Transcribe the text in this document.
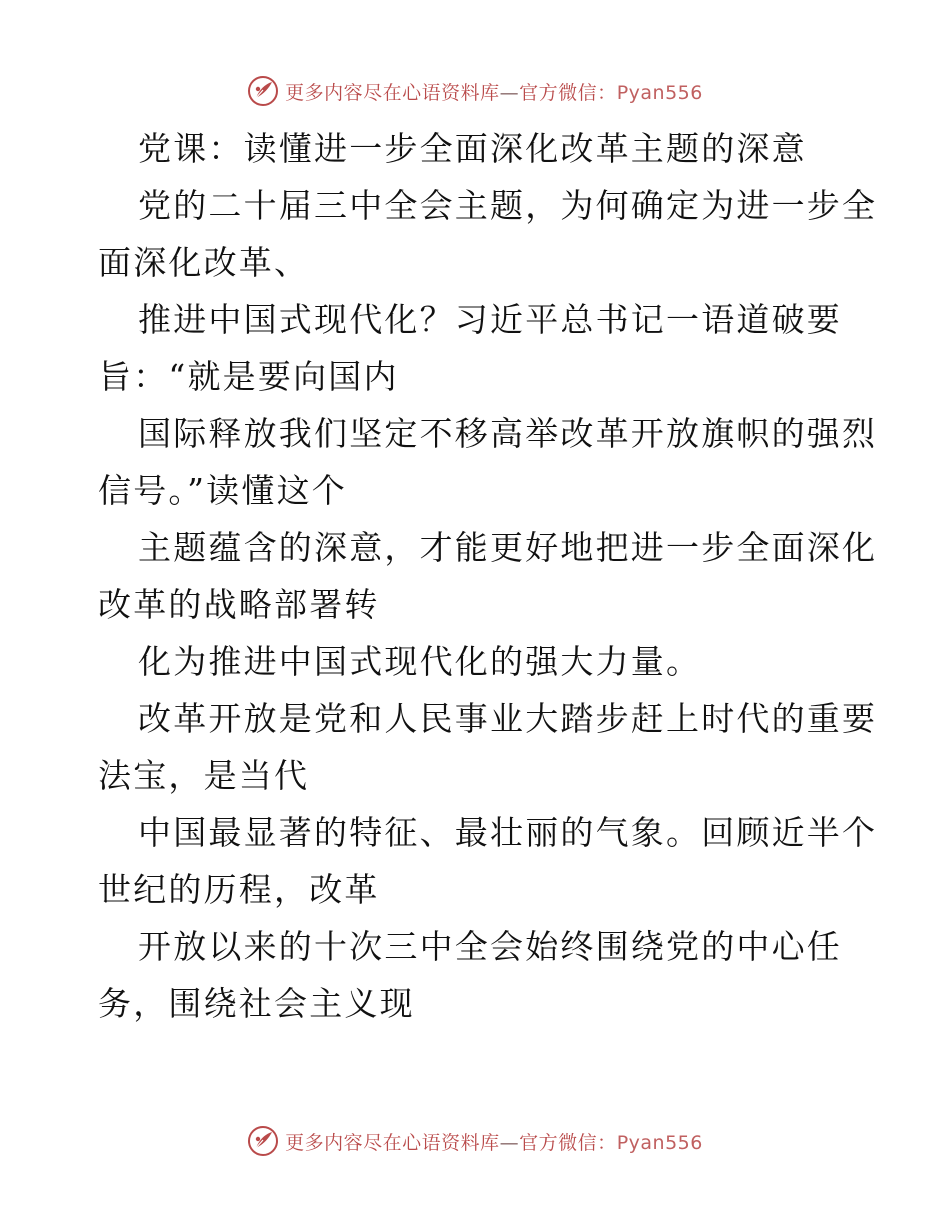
更多内容尽在心语资料库—官方微信：Pyan556
党课：读懂进一步全面深化改革主题的深意
党的二十届三中全会主题，为何确定为进一步全
面深化改革、
推进中国式现代化？习近平总书记一语道破要
旨：“就是要向国内
国际释放我们坚定不移高举改革开放旗帜的强烈
信号。”读懂这个
主题蕴含的深意，才能更好地把进一步全面深化
改革的战略部署转
化为推进中国式现代化的强大力量。
改革开放是党和人民事业大踏步赶上时代的重要
法宝，是当代
中国最显著的特征、最壮丽的气象。回顾近半个
世纪的历程，改革
开放以来的十次三中全会始终围绕党的中心任
务，围绕社会主义现
更多内容尽在心语资料库—官方微信：Pyan556
